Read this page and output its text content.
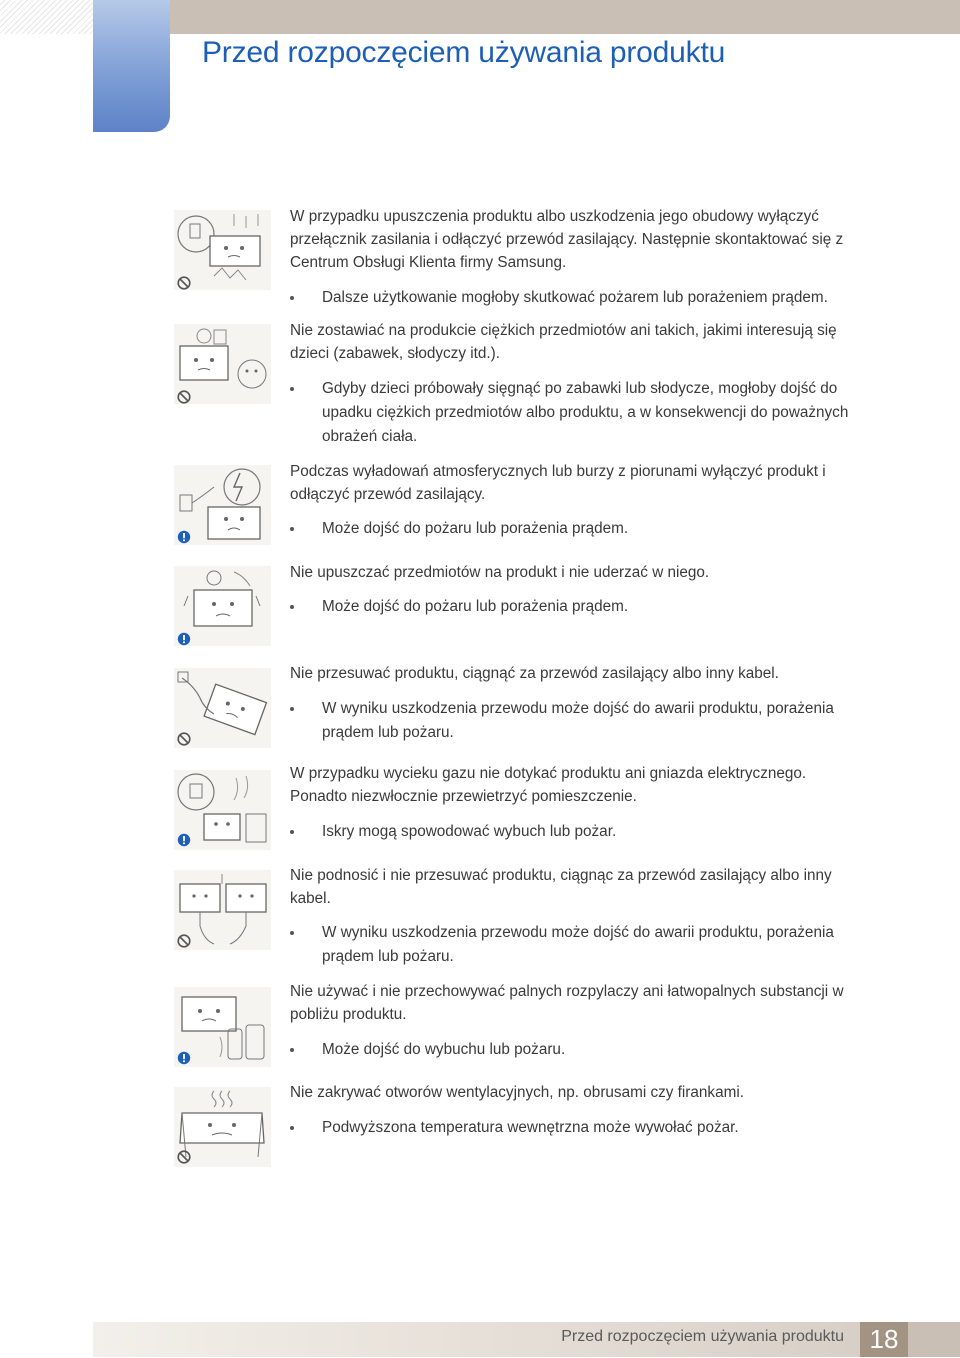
Przed rozpoczęciem używania produktu

W przypadku upuszczenia produktu albo uszkodzenia jego obudowy wyłączyć przełącznik zasilania i odłączyć przewód zasilający. Następnie skontaktować się z Centrum Obsługi Klienta firmy Samsung.

Dalsze użytkowanie mogłoby skutkować pożarem lub porażeniem prądem.

Nie zostawiać na produkcie ciężkich przedmiotów ani takich, jakimi interesują się dzieci (zabawek, słodyczy itd.).

Gdyby dzieci próbowały sięgnąć po zabawki lub słodycze, mogłoby dojść do upadku ciężkich przedmiotów albo produktu, a w konsekwencji do poważnych obrażeń ciała.

Podczas wyładowań atmosferycznych lub burzy z piorunami wyłączyć produkt i odłączyć przewód zasilający.

Może dojść do pożaru lub porażenia prądem.

Nie upuszczać przedmiotów na produkt i nie uderzać w niego.

Może dojść do pożaru lub porażenia prądem.

Nie przesuwać produktu, ciągnąć za przewód zasilający albo inny kabel.

W wyniku uszkodzenia przewodu może dojść do awarii produktu, porażenia prądem lub pożaru.

W przypadku wycieku gazu nie dotykać produktu ani gniazda elektrycznego. Ponadto niezwłocznie przewietrzyć pomieszczenie.

Iskry mogą spowodować wybuch lub pożar.

Nie podnosić i nie przesuwać produktu, ciągnąc za przewód zasilający albo inny kabel.

W wyniku uszkodzenia przewodu może dojść do awarii produktu, porażenia prądem lub pożaru.

Nie używać i nie przechowywać palnych rozpylaczy ani łatwopalnych substancji w pobliżu produktu.

Może dojść do wybuchu lub pożaru.

Nie zakrywać otworów wentylacyjnych, np. obrusami czy firankami.

Podwyższona temperatura wewnętrzna może wywołać pożar.

Przed rozpoczęciem używania produktu 18
